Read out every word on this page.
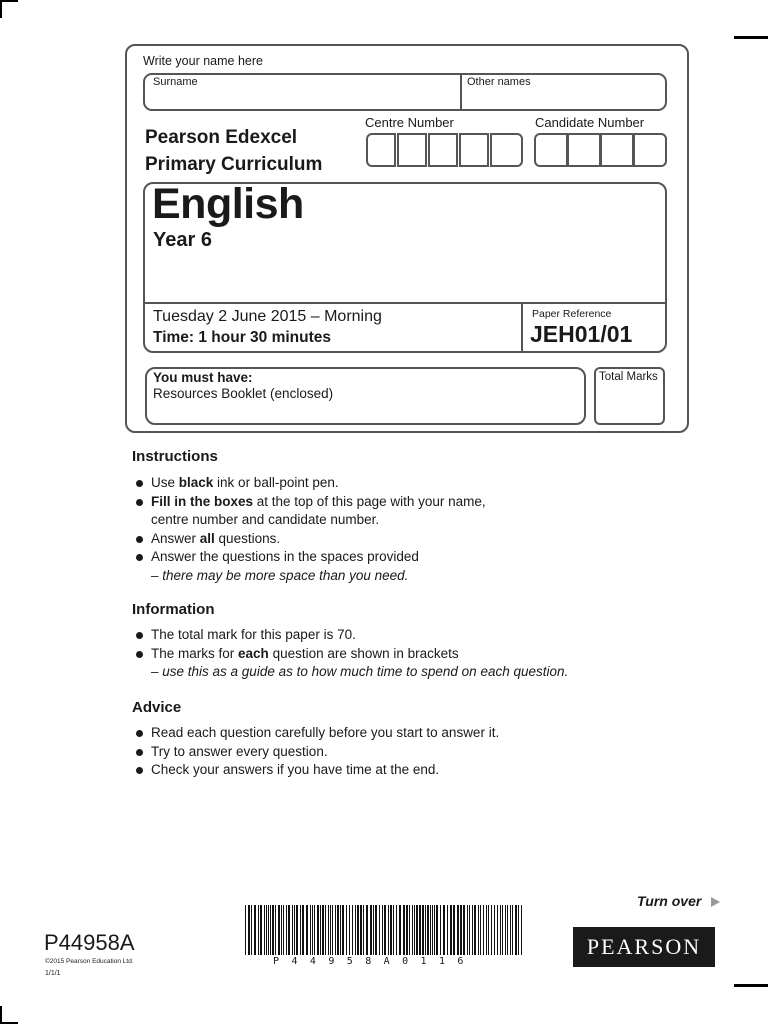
Write your name here
Surname	Other names
Pearson Edexcel
Primary Curriculum
Centre Number	Candidate Number
English
Year 6
Tuesday 2 June 2015 – Morning
Time: 1 hour 30 minutes
Paper Reference
JEH01/01
You must have:
Resources Booklet (enclosed)
Total Marks
Instructions
Use black ink or ball-point pen.
Fill in the boxes at the top of this page with your name,
centre number and candidate number.
Answer all questions.
Answer the questions in the spaces provided
– there may be more space than you need.
Information
The total mark for this paper is 70.
The marks for each question are shown in brackets
– use this as a guide as to how much time to spend on each question.
Advice
Read each question carefully before you start to answer it.
Try to answer every question.
Check your answers if you have time at the end.
Turn over
P44958A
©2015 Pearson Education Ltd.
1/1/1
P 4 4 9 5 8 A 0 1 1 6
PEARSON
